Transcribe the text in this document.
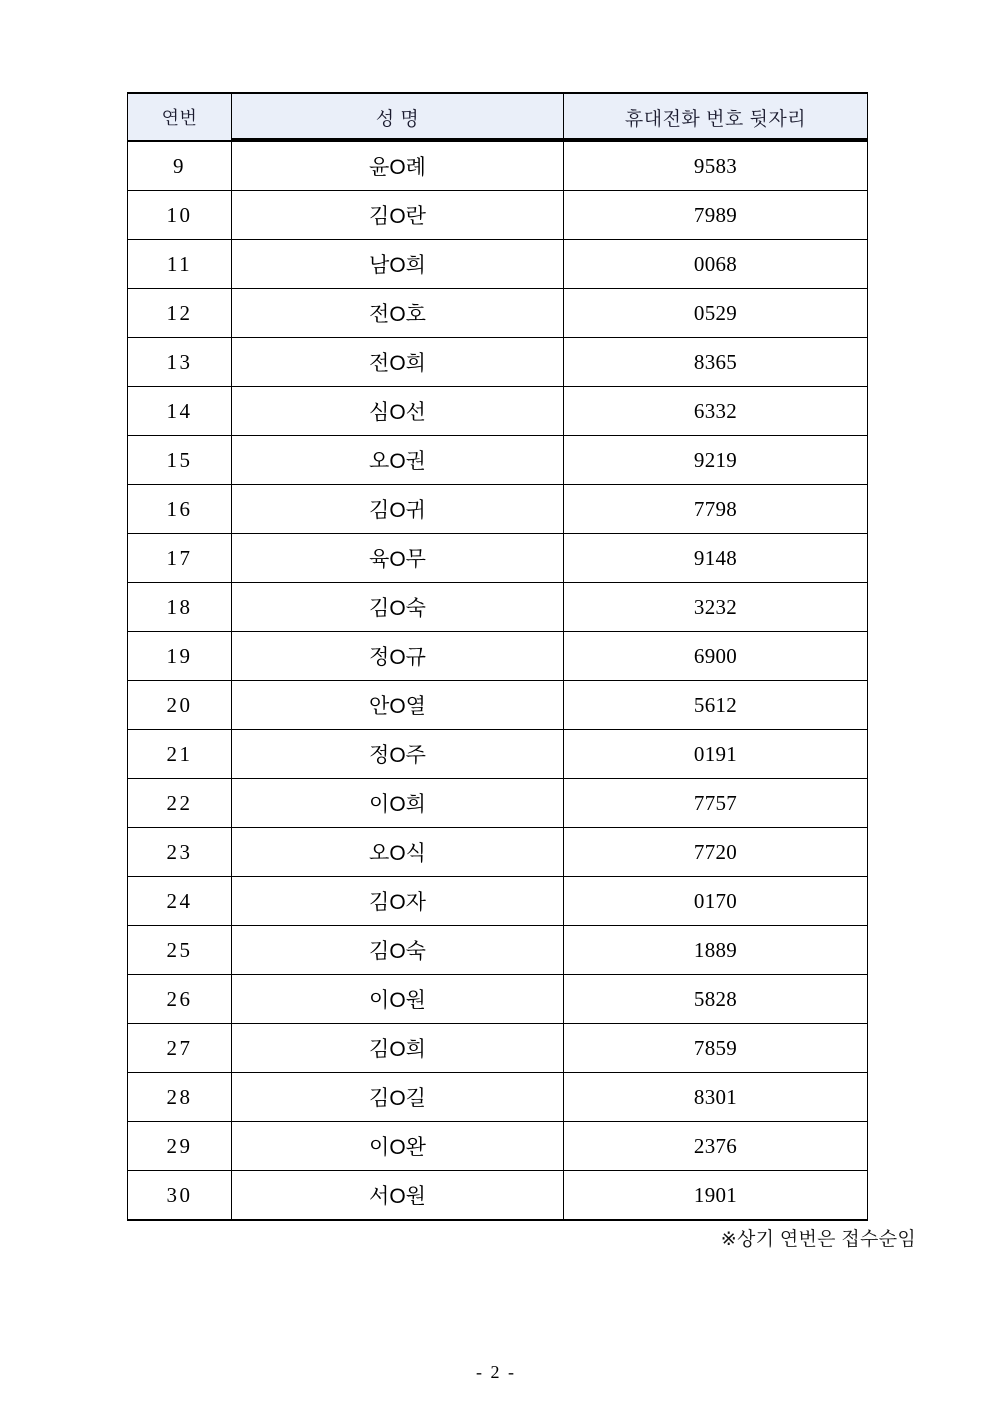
연번	성 명	휴대전화 번호 뒷자리
9	윤O례	9583
10	김O란	7989
11	남O희	0068
12	전O호	0529
13	전O희	8365
14	심O선	6332
15	오O권	9219
16	김O귀	7798
17	육O무	9148
18	김O숙	3232
19	정O규	6900
20	안O열	5612
21	정O주	0191
22	이O희	7757
23	오O식	7720
24	김O자	0170
25	김O숙	1889
26	이O원	5828
27	김O희	7859
28	김O길	8301
29	이O완	2376
30	서O원	1901
※상기 연번은 접수순임
- 2 -
